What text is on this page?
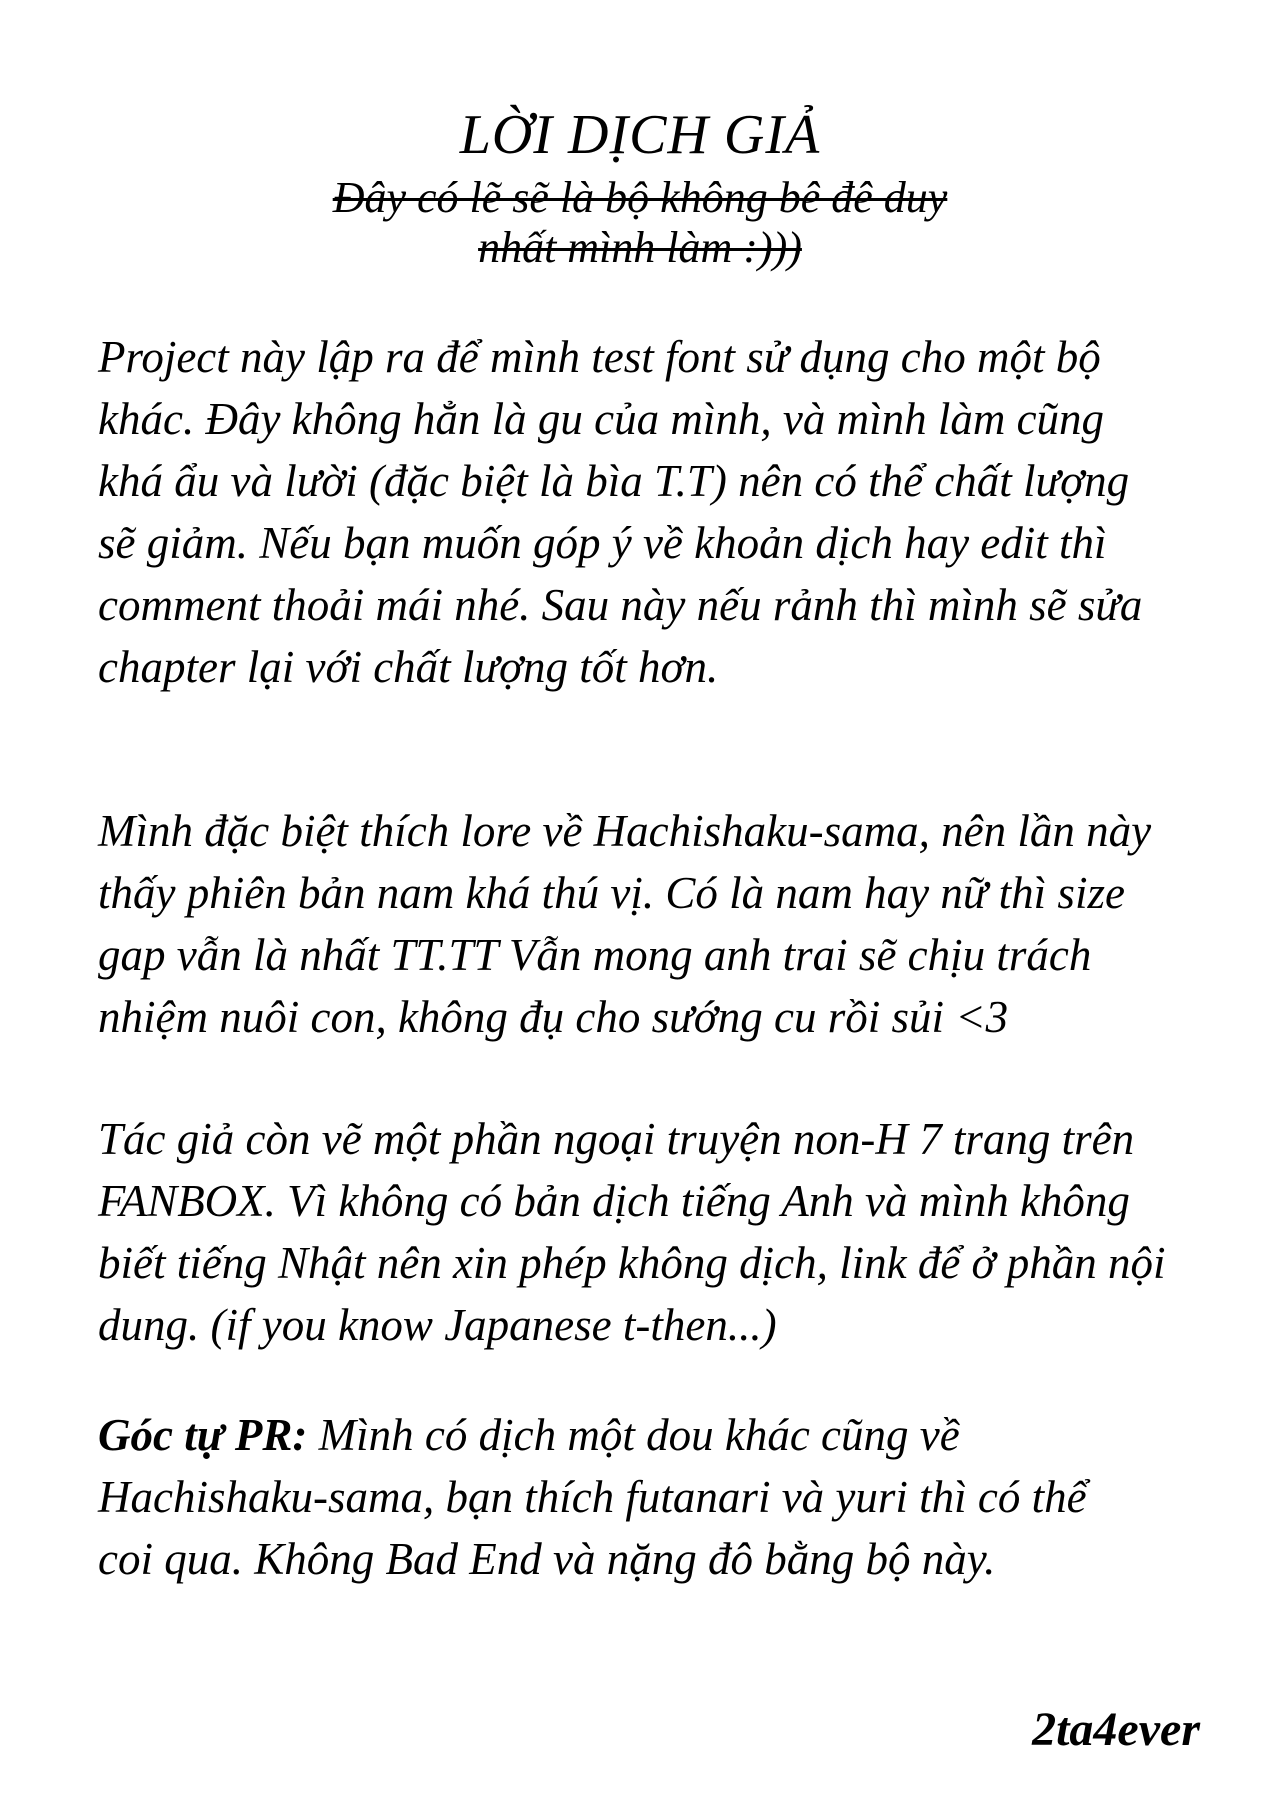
LỜI DỊCH GIẢ
Đây có lẽ sẽ là bộ không bê đê duy
nhất mình làm :)))
Project này lập ra để mình test font sử dụng cho một bộ
khác. Đây không hẳn là gu của mình, và mình làm cũng
khá ẩu và lười (đặc biệt là bìa T.T) nên có thể chất lượng
sẽ giảm. Nếu bạn muốn góp ý về khoản dịch hay edit thì
comment thoải mái nhé. Sau này nếu rảnh thì mình sẽ sửa
chapter lại với chất lượng tốt hơn.
Mình đặc biệt thích lore về Hachishaku-sama, nên lần này
thấy phiên bản nam khá thú vị. Có là nam hay nữ thì size
gap vẫn là nhất TT.TT Vẫn mong anh trai sẽ chịu trách
nhiệm nuôi con, không đụ cho sướng cu rồi sủi <3
Tác giả còn vẽ một phần ngoại truyện non-H 7 trang trên
FANBOX. Vì không có bản dịch tiếng Anh và mình không
biết tiếng Nhật nên xin phép không dịch, link để ở phần nội
dung. (if you know Japanese t-then...)
Góc tự PR: Mình có dịch một dou khác cũng về
Hachishaku-sama, bạn thích futanari và yuri thì có thể
coi qua. Không Bad End và nặng đô bằng bộ này.
2ta4ever
